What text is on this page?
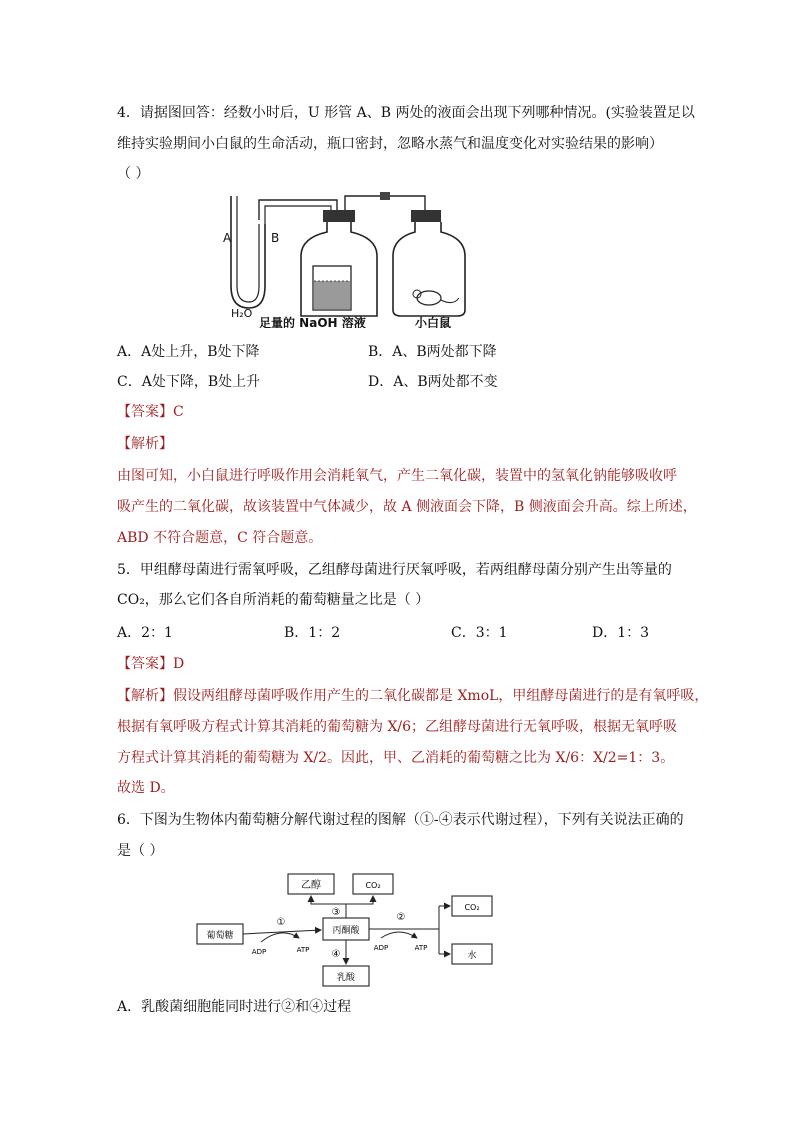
4．请据图回答：经数小时后，U 形管 A、B 两处的液面会出现下列哪种情况。(实验装置足以
维持实验期间小白鼠的生命活动，瓶口密封，忽略水蒸气和温度变化对实验结果的影响）
（ ）
A	B
H₂O
足量的 NaOH 溶液	小白鼠
A．A处上升，B处下降	B．A、B两处都下降
C．A处下降，B处上升	D．A、B两处都不变
【答案】C
【解析】
由图可知，小白鼠进行呼吸作用会消耗氧气，产生二氧化碳，装置中的氢氧化钠能够吸收呼
吸产生的二氧化碳，故该装置中气体减少，故 A 侧液面会下降，B 侧液面会升高。综上所述，
ABD 不符合题意，C 符合题意。
5．甲组酵母菌进行需氧呼吸，乙组酵母菌进行厌氧呼吸，若两组酵母菌分别产生出等量的
CO₂，那么它们各自所消耗的葡萄糖量之比是（ ）
A．2：1	B．1：2	C．3：1	D．1：3
【答案】D
【解析】假设两组酵母菌呼吸作用产生的二氧化碳都是 XmoL，甲组酵母菌进行的是有氧呼吸，
根据有氧呼吸方程式计算其消耗的葡萄糖为 X/6；乙组酵母菌进行无氧呼吸，根据无氧呼吸
方程式计算其消耗的葡萄糖为 X/2。因此，甲、乙消耗的葡萄糖之比为 X/6：X/2=1：3。
故选 D。
6．下图为生物体内葡萄糖分解代谢过程的图解（①-④表示代谢过程），下列有关说法正确的
是（ ）
乙醇	CO₂
葡萄糖	丙酮酸
CO₂
水
乳酸
①	②
③
④
ADP	ATP	ADP	ATP
A．乳酸菌细胞能同时进行②和④过程
